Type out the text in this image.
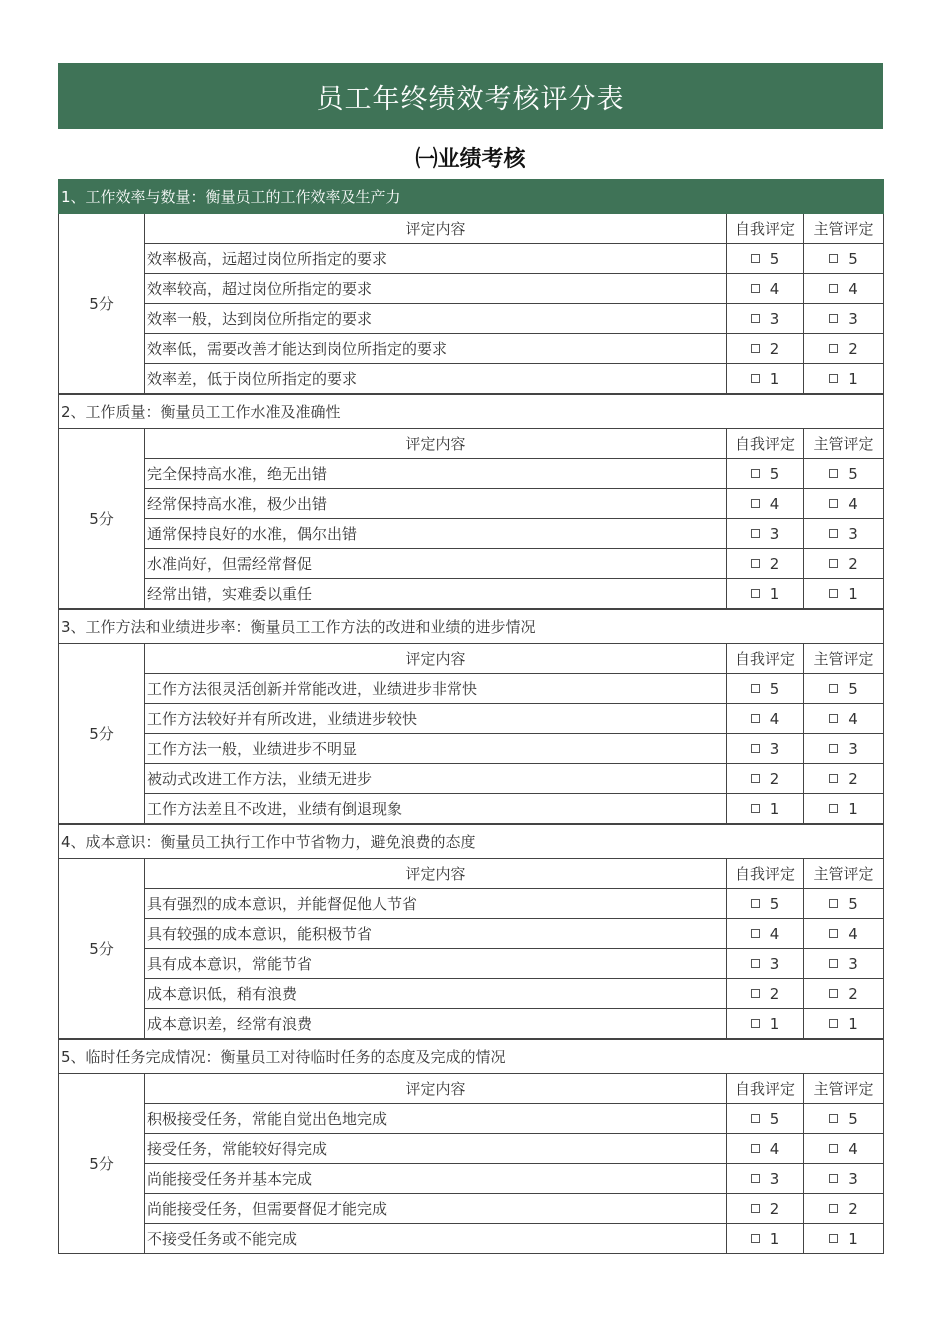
员工年终绩效考核评分表
㈠业绩考核
1、工作效率与数量：衡量员工的工作效率及生产力			
5分	评定内容	自我评定	主管评定
	效率极高，远超过岗位所指定的要求	5	5
	效率较高，超过岗位所指定的要求	4	4
	效率一般，达到岗位所指定的要求	3	3
	效率低，需要改善才能达到岗位所指定的要求	2	2
	效率差，低于岗位所指定的要求	1	1
2、工作质量：衡量员工工作水准及准确性			
5分	评定内容	自我评定	主管评定
	完全保持高水准，绝无出错	5	5
	经常保持高水准，极少出错	4	4
	通常保持良好的水准，偶尔出错	3	3
	水准尚好，但需经常督促	2	2
	经常出错，实难委以重任	1	1
3、工作方法和业绩进步率：衡量员工工作方法的改进和业绩的进步情况			
5分	评定内容	自我评定	主管评定
	工作方法很灵活创新并常能改进，业绩进步非常快	5	5
	工作方法较好并有所改进，业绩进步较快	4	4
	工作方法一般，业绩进步不明显	3	3
	被动式改进工作方法，业绩无进步	2	2
	工作方法差且不改进，业绩有倒退现象	1	1
4、成本意识：衡量员工执行工作中节省物力，避免浪费的态度			
5分	评定内容	自我评定	主管评定
	具有强烈的成本意识，并能督促他人节省	5	5
	具有较强的成本意识，能积极节省	4	4
	具有成本意识，常能节省	3	3
	成本意识低，稍有浪费	2	2
	成本意识差，经常有浪费	1	1
5、临时任务完成情况：衡量员工对待临时任务的态度及完成的情况			
5分	评定内容	自我评定	主管评定
	积极接受任务，常能自觉出色地完成	5	5
	接受任务，常能较好得完成	4	4
	尚能接受任务并基本完成	3	3
	尚能接受任务，但需要督促才能完成	2	2
	不接受任务或不能完成	1	1
